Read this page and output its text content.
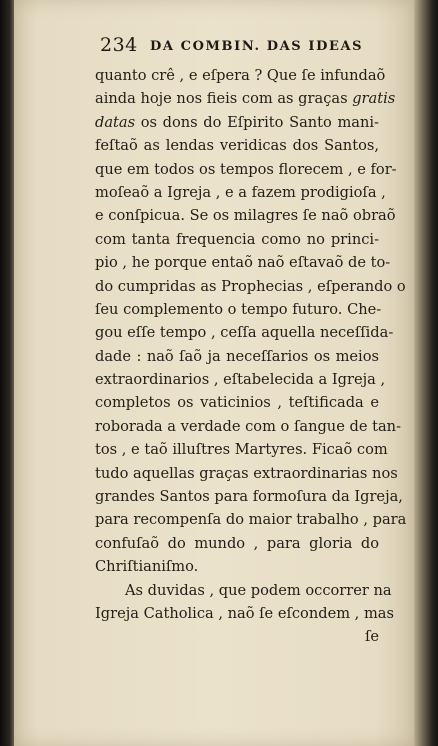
234 DA COMBIN. DAS IDEAS
quanto crê , e eſpera ? Que ſe infundaõ
ainda hoje nos fieis com as graças gratis
datas os dons do Eſpirito Santo mani-
feſtaõ as lendas veridicas dos Santos,
que em todos os tempos florecem , e for-
moſeaõ a Igreja , e a fazem prodigioſa ,
e conſpicua. Se os milagres ſe naõ obraõ
com tanta frequencia como no princi-
pio , he porque entaõ naõ eſtavaõ de to-
do cumpridas as Prophecias , eſperando o
ſeu complemento o tempo futuro. Che-
gou eſſe tempo , ceſſa aquella neceſſida-
dade : naõ ſaõ ja neceſſarios os meios
extraordinarios , eſtabelecida a Igreja ,
completos os vaticinios , teſtificada e
roborada a verdade com o ſangue de tan-
tos , e taõ illuſtres Martyres. Ficaõ com
tudo aquellas graças extraordinarias nos
grandes Santos para formoſura da Igreja,
para recompenſa do maior trabalho , para
confuſaõ do mundo , para gloria do
Chriſtianiſmo.
As duvidas , que podem occorrer na
Igreja Catholica , naõ ſe eſcondem , mas
ſe
